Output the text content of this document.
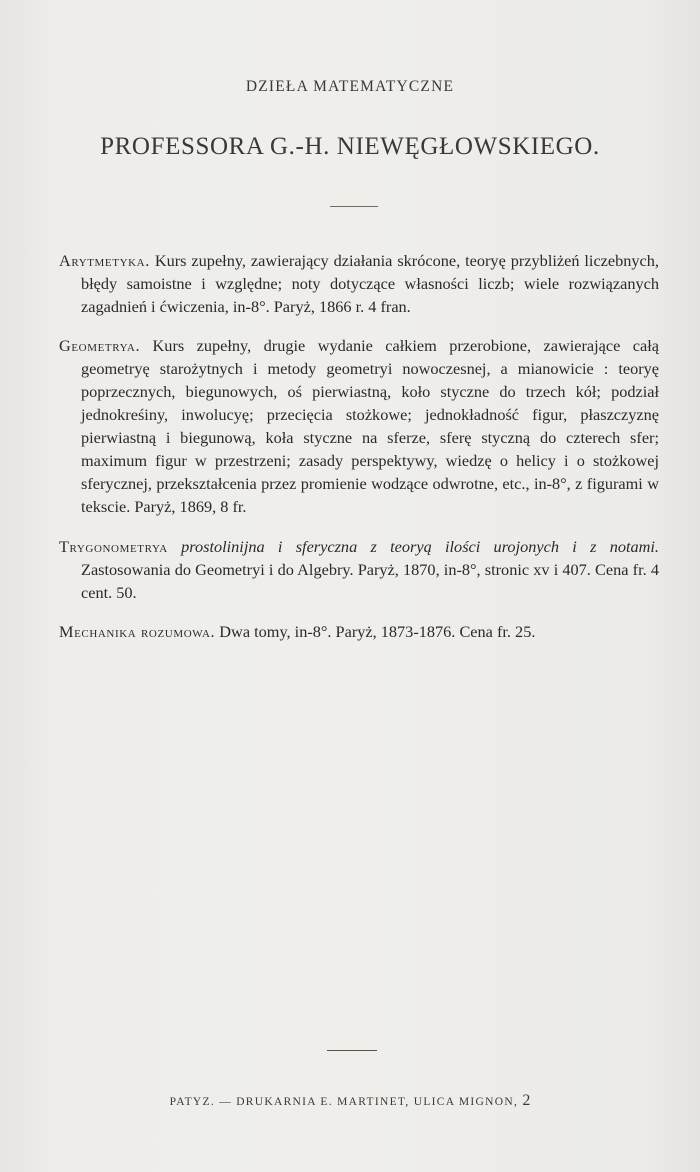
DZIEŁA MATEMATYCZNE
PROFESSORA G.-H. NIEWĘGŁOWSKIEGO.

Arytmetyka. Kurs zupełny, zawierający działania skrócone, teoryę przybliżeń liczebnych, błędy samoistne i względne; noty dotyczące własności liczb; wiele rozwiązanych zagadnień i ćwiczenia, in-8°. Paryż, 1866 r. 4 fran.

Geometrya. Kurs zupełny, drugie wydanie całkiem przerobione, zawierające całą geometryę starożytnych i metody geometryi nowoczesnej, a mianowicie : teoryę poprzecznych, biegunowych, oś pierwiastną, koło styczne do trzech kół; podział jednokreśiny, inwolucyę; przecięcia stożkowe; jednokładność figur, płaszczyznę pierwiastną i biegunową, koła styczne na sferze, sferę styczną do czterech sfer; maximum figur w przestrzeni; zasady perspektywy, wiedzę o helicy i o stożkowej sferycznej, przekształcenia przez promienie wodzące odwrotne, etc., in-8°, z figurami w tekscie. Paryż, 1869, 8 fr.

Trygonometrya prostolinijna i sferyczna z teoryą ilości urojonych i z notami. Zastosowania do Geometryi i do Algebry. Paryż, 1870, in-8°, stronic xv i 407. Cena fr. 4 cent. 50.

Mechanika rozumowa. Dwa tomy, in-8°. Paryż, 1873-1876. Cena fr. 25.

PATYZ. — DRUKARNIA E. MARTINET, ULICA MIGNON, 2
